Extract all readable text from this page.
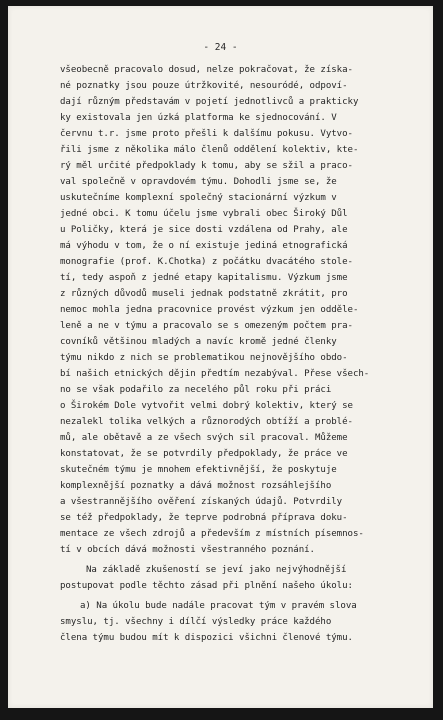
- 24 -
všeobecně pracovalo dosud, nelze pokračovat, že získa-
né poznatky jsou pouze útržkovité, nesouródé, odpoví-
dají různým představám v pojetí jednotlivců a prakticky
ky existovala jen úzká platforma ke sjednocování. V
červnu t.r. jsme proto přešli k dalšímu pokusu. Vytvo-
řili jsme z několika málo členů oddělení kolektiv, kte-
rý měl určité předpoklady k tomu, aby se sžil a praco-
val společně v opravdovém týmu. Dohodli jsme se, že
uskutečníme komplexní společný stacionární výzkum v
jedné obci. K tomu účelu jsme vybrali obec Široký Důl
u Poličky, která je sice dosti vzdálena od Prahy, ale
má výhodu v tom, že o ní existuje jediná etnografická
monografie (prof. K.Chotka) z počátku dvacátého stole-
tí, tedy aspoň z jedné etapy kapitalismu. Výzkum jsme
z různých důvodů museli jednak podstatně zkrátit, pro
nemoc mohla jedna pracovnice provést výzkum jen odděle-
leně a ne v týmu a pracovalo se s omezeným počtem pra-
covníků většinou mladých a navíc kromě jedné členky
týmu nikdo z nich se problematikou nejnovějšího obdo-
bí našich etnických dějin předtím nezabýval. Přese všech-
no se však podařilo za necelého půl roku při práci
o Širokém Dole vytvořit velmi dobrý kolektiv, který se
nezalekl tolika velkých a různorodých obtíží a problé-
mů, ale obětavě a ze všech svých sil pracoval. Můžeme
konstatovat, že se potvrdily předpoklady, že práce ve
skutečném týmu je mnohem efektivnější, že poskytuje
komplexnější poznatky a dává možnost rozsáhlejšího
a všestrannějšího ověření získaných údajů. Potvrdily
se též předpoklady, že teprve podrobná příprava doku-
mentace ze všech zdrojů a především z místních písemnos-
tí v obcích dává možnosti všestranného poznání.
Na základě zkušeností se jeví jako nejvýhodnější
postupovat podle těchto zásad při plnění našeho úkolu:
a) Na úkolu bude nadále pracovat tým v pravém slova
smyslu, tj. všechny i dílčí výsledky práce každého
člena týmu budou mít k dispozici všichni členové týmu.
